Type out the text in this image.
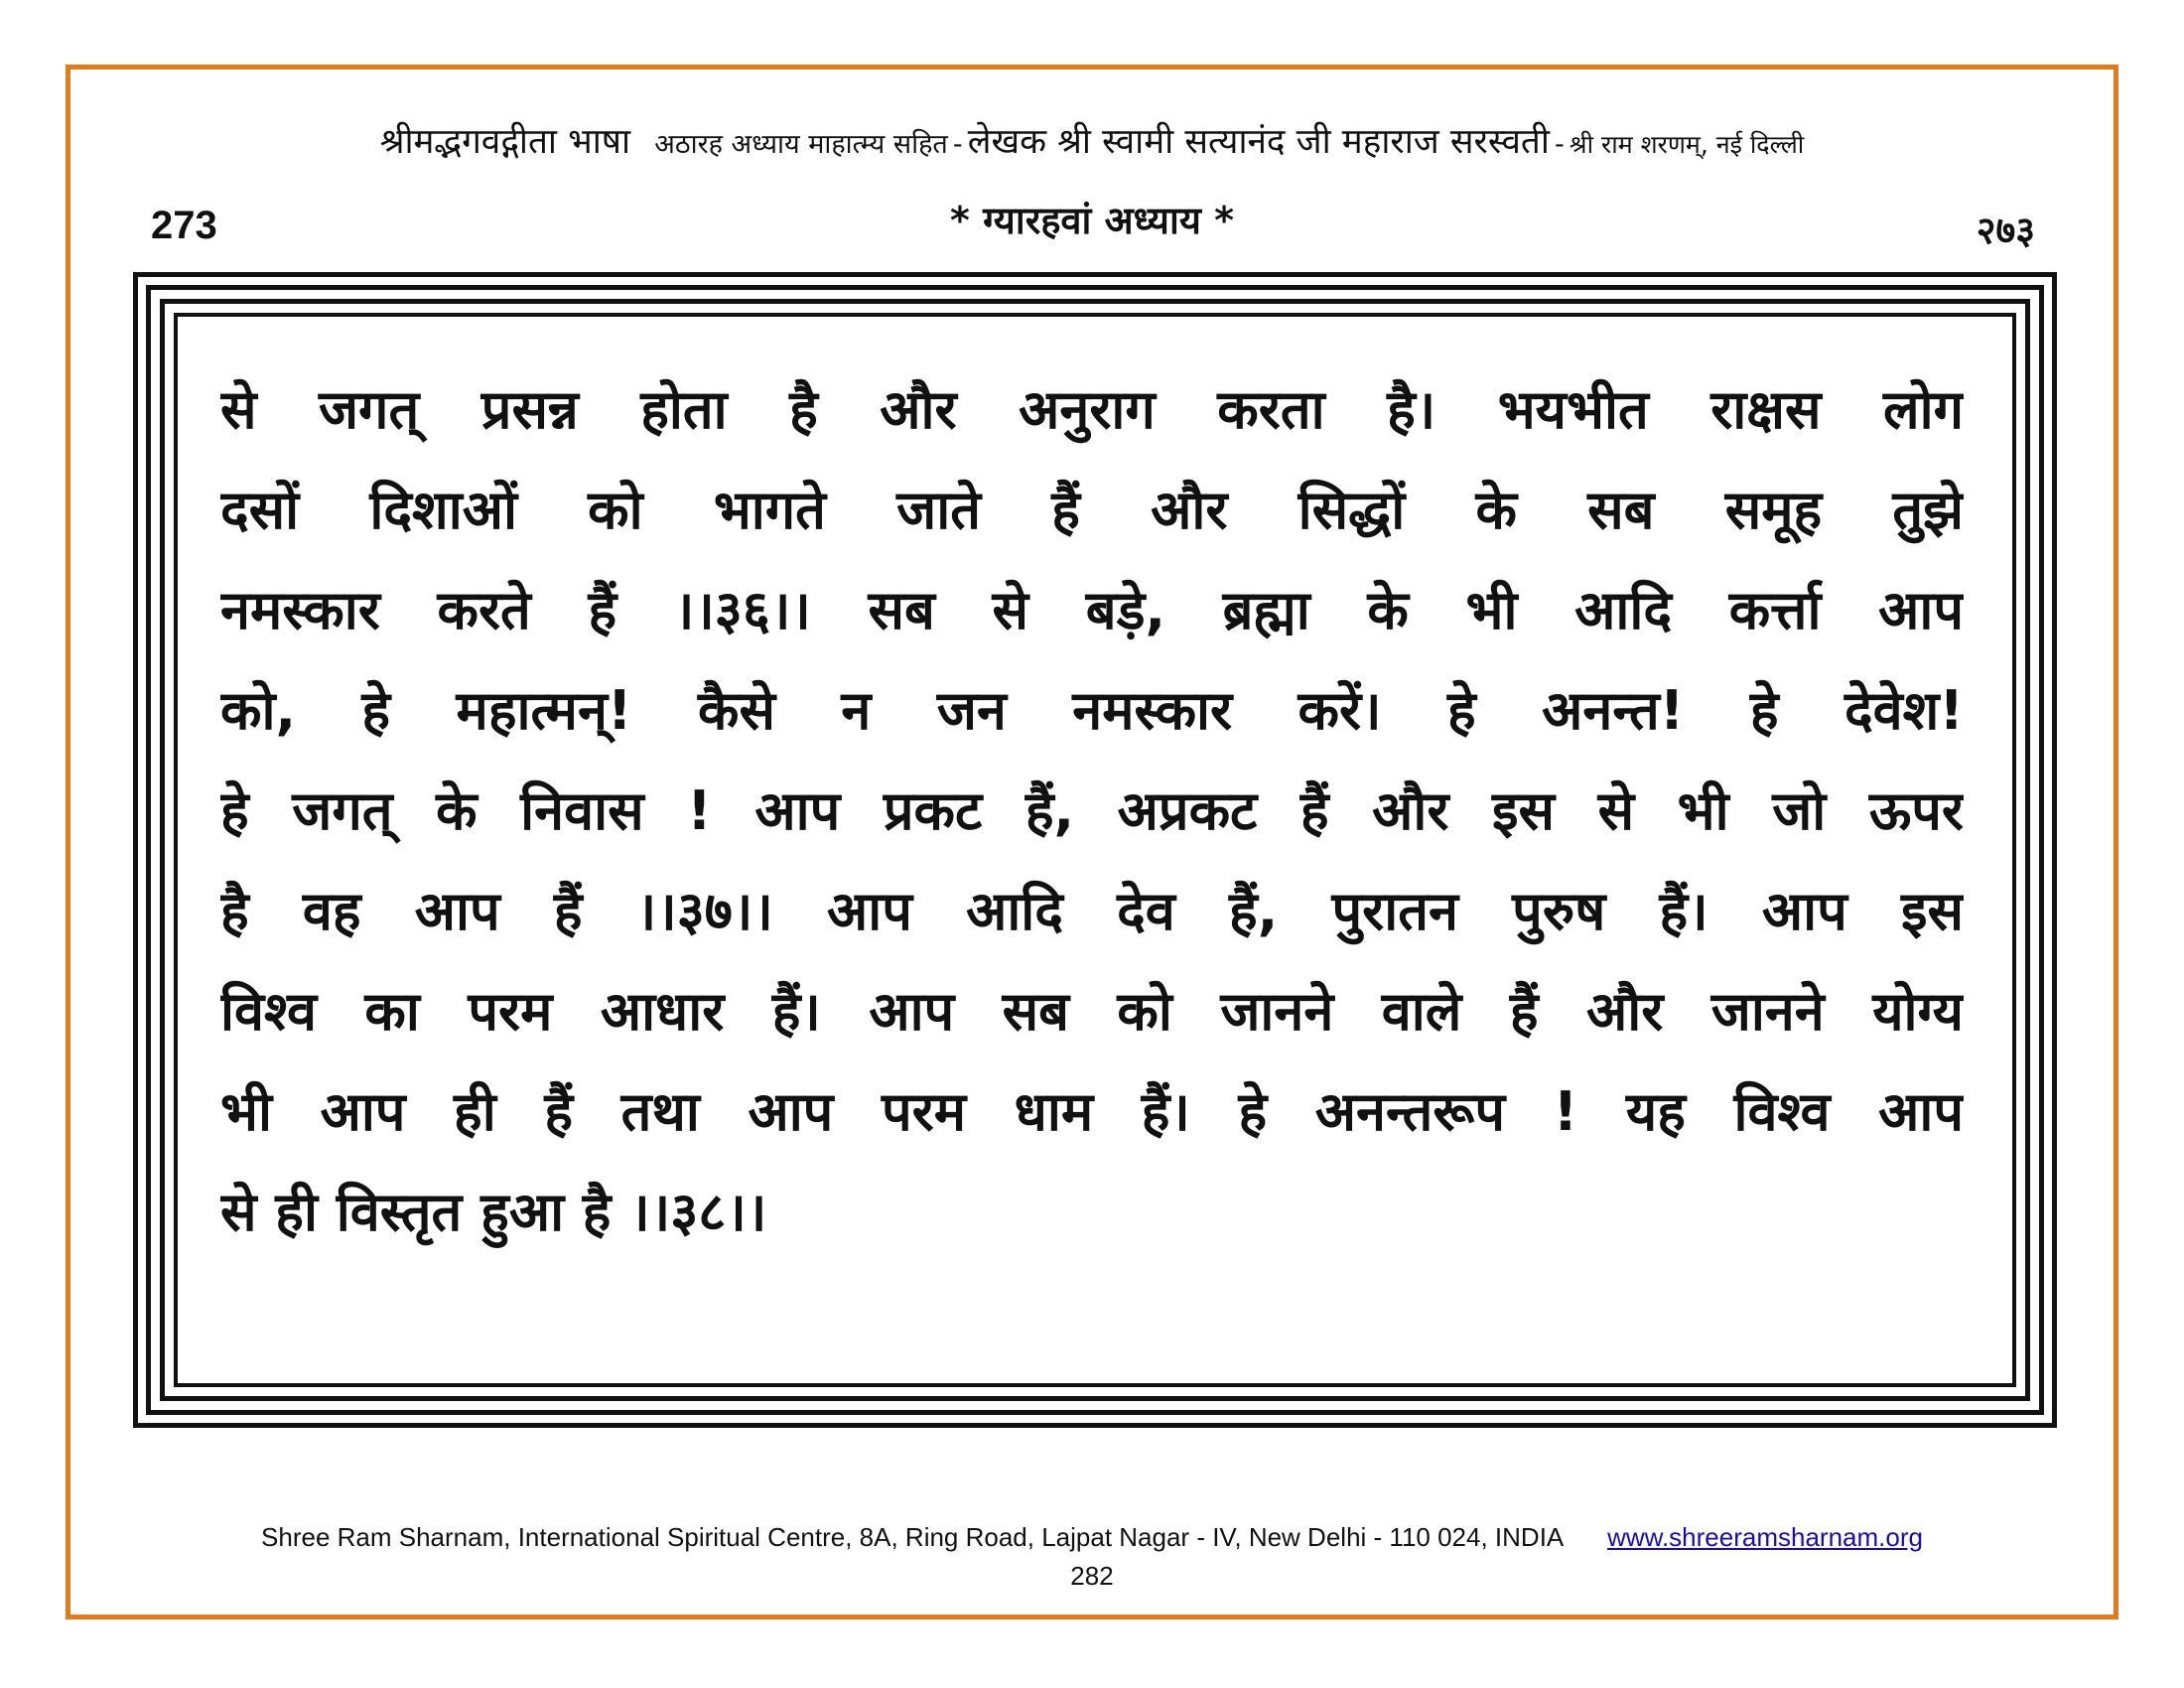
श्रीमद्भगवद्गीता भाषा अठारह अध्याय माहात्म्य सहित - लेखक श्री स्वामी सत्यानंद जी महाराज सरस्वती - श्री राम शरणम्, नई दिल्ली
273	* ग्यारहवां अध्याय *	२७३
से जगत् प्रसन्न होता है और अनुराग करता है। भयभीत राक्षस लोग
दसों दिशाओं को भागते जाते हैं और सिद्धों के सब समूह तुझे
नमस्कार करते हैं ।।३६।। सब से बड़े, ब्रह्मा के भी आदि कर्त्ता आप
को, हे महात्मन्! कैसे न जन नमस्कार करें। हे अनन्त! हे देवेश!
हे जगत् के निवास ! आप प्रकट हैं, अप्रकट हैं और इस से भी जो ऊपर
है वह आप हैं ।।३७।। आप आदि देव हैं, पुरातन पुरुष हैं। आप इस
विश्व का परम आधार हैं। आप सब को जानने वाले हैं और जानने योग्य
भी आप ही हैं तथा आप परम धाम हैं। हे अनन्तरूप ! यह विश्व आप
से ही विस्तृत हुआ है ।।३८।।
Shree Ram Sharnam, International Spiritual Centre, 8A, Ring Road, Lajpat Nagar - IV, New Delhi - 110 024, INDIA www.shreeramsharnam.org
282
